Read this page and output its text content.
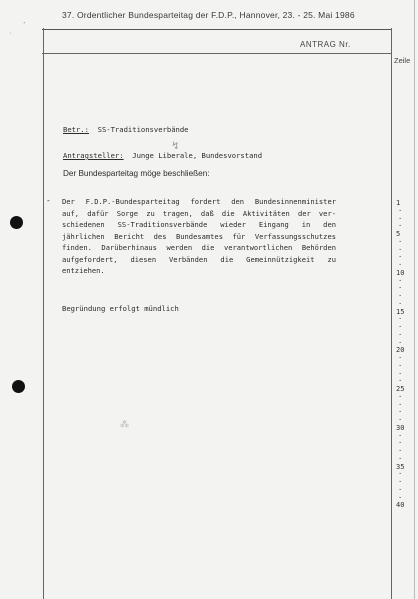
37. Ordentlicher Bundesparteitag der F.D.P., Hannover, 23. - 25. Mai 1986
ANTRAG Nr.
Zeile
Betr.: SS-Traditionsverbände
Antragsteller: Junge Liberale, Bundesvorstand
↯
Der Bundesparteitag möge beschließen:
- Der F.D.P.-Bundesparteitag fordert den Bundesinnenminister
auf, dafür Sorge zu tragen, daß die Aktivitäten der ver-
schiedenen SS-Traditionsverbände wieder Eingang in den
jährlichen Bericht des Bundesamtes für Verfassungsschutzes
finden. Darüberhinaus werden die verantwortlichen Behörden
aufgefordert, diesen Verbänden die Gemeinnützigkeit zu
entziehen.
Begründung erfolgt mündlich
1
·
·
·
5
·
·
·
·
10
·
·
·
·
15
·
·
·
·
20
·
·
·
·
25
·
·
·
·
30
·
·
·
·
35
·
·
·
·
40
⁂
˙
ˏ
